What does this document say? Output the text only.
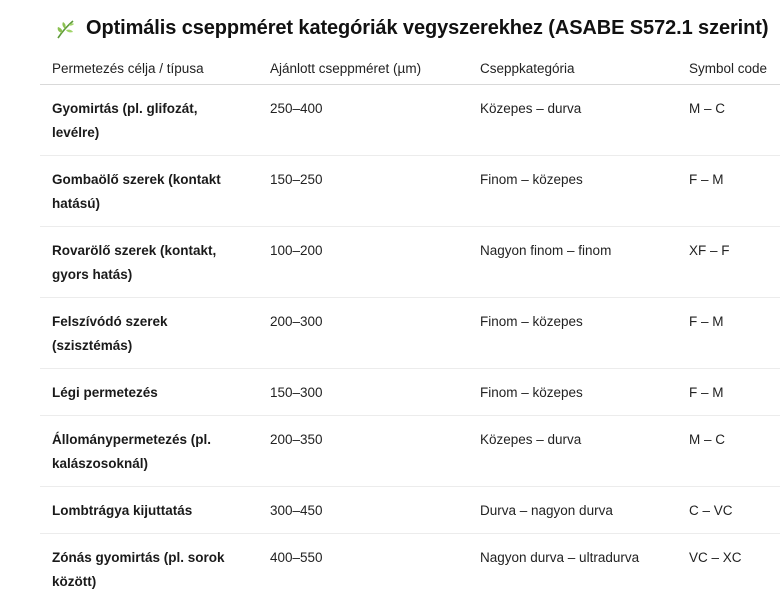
Optimális cseppméret kategóriák vegyszerekhez (ASABE S572.1 szerint)
Permetezés célja / típusa	Ajánlott cseppméret (µm)	Cseppkategória	Symbol code
Gyomirtás (pl. glifozát, levélre)	250–400	Közepes – durva	M – C
Gombaölő szerek (kontakt hatású)	150–250	Finom – közepes	F – M
Rovarölő szerek (kontakt, gyors hatás)	100–200	Nagyon finom – finom	XF – F
Felszívódó szerek (szisztémás)	200–300	Finom – közepes	F – M
Légi permetezés	150–300	Finom – közepes	F – M
Állománypermetezés (pl. kalászosoknál)	200–350	Közepes – durva	M – C
Lombtrágya kijuttatás	300–450	Durva – nagyon durva	C – VC
Zónás gyomirtás (pl. sorok között)	400–550	Nagyon durva – ultradurva	VC – XC
